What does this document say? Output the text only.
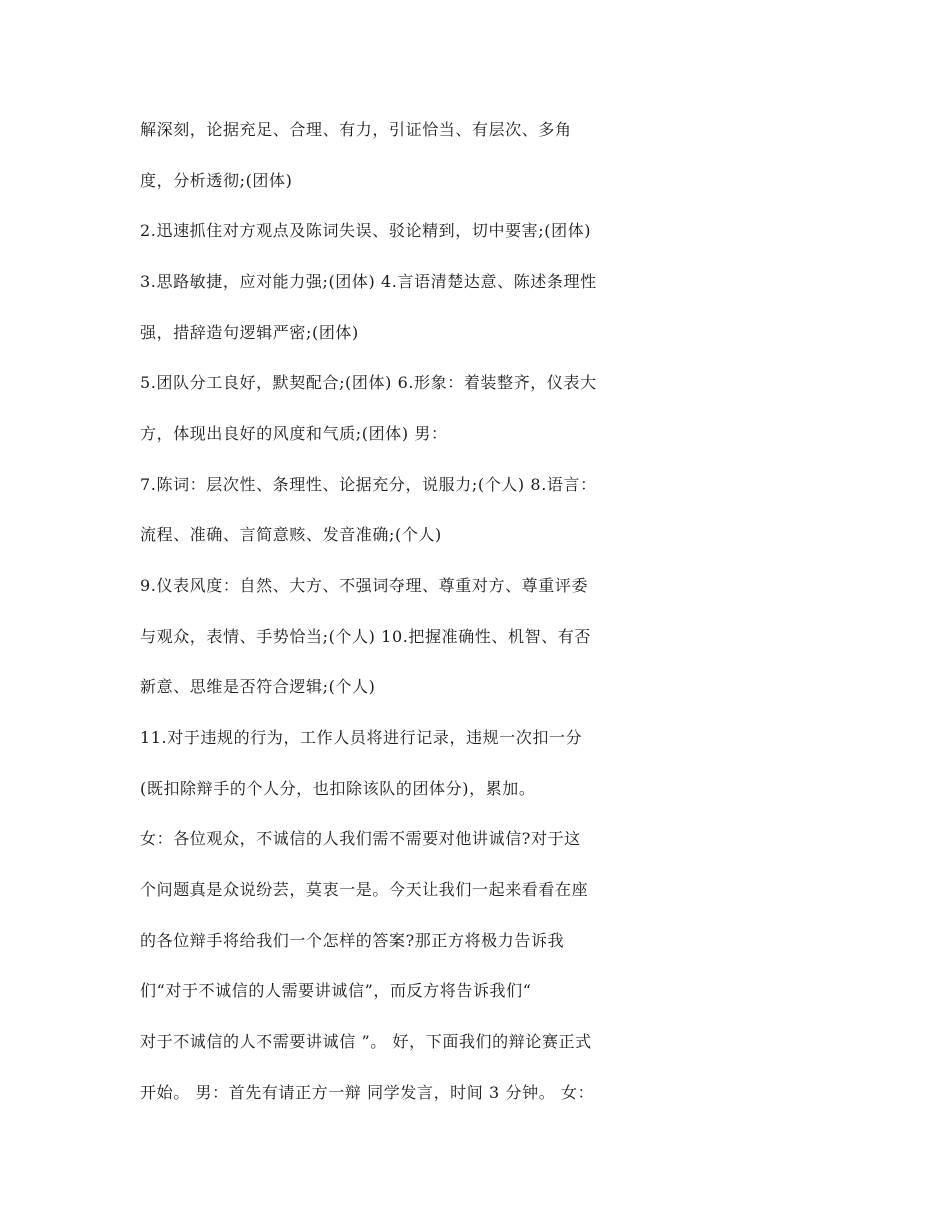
解深刻，论据充足、合理、有力，引证恰当、有层次、多角
度，分析透彻;(团体)
2.迅速抓住对方观点及陈词失误、驳论精到，切中要害;(团体)
3.思路敏捷，应对能力强;(团体) 4.言语清楚达意、陈述条理性
强，措辞造句逻辑严密;(团体)
5.团队分工良好，默契配合;(团体) 6.形象：着装整齐，仪表大
方，体现出良好的风度和气质;(团体) 男：
7.陈词：层次性、条理性、论据充分，说服力;(个人) 8.语言：
流程、准确、言简意赅、发音准确;(个人)
9.仪表风度：自然、大方、不强词夺理、尊重对方、尊重评委
与观众，表情、手势恰当;(个人) 10.把握准确性、机智、有否
新意、思维是否符合逻辑;(个人)
11.对于违规的行为，工作人员将进行记录，违规一次扣一分
(既扣除辩手的个人分，也扣除该队的团体分)，累加。
女：各位观众，不诚信的人我们需不需要对他讲诚信?对于这
个问题真是众说纷芸，莫衷一是。今天让我们一起来看看在座
的各位辩手将给我们一个怎样的答案?那正方将极力告诉我
们“对于不诚信的人需要讲诚信”，而反方将告诉我们“
对于不诚信的人不需要讲诚信 ”。 好，下面我们的辩论赛正式
开始。 男：首先有请正方一辩 同学发言，时间 3 分钟。 女：
